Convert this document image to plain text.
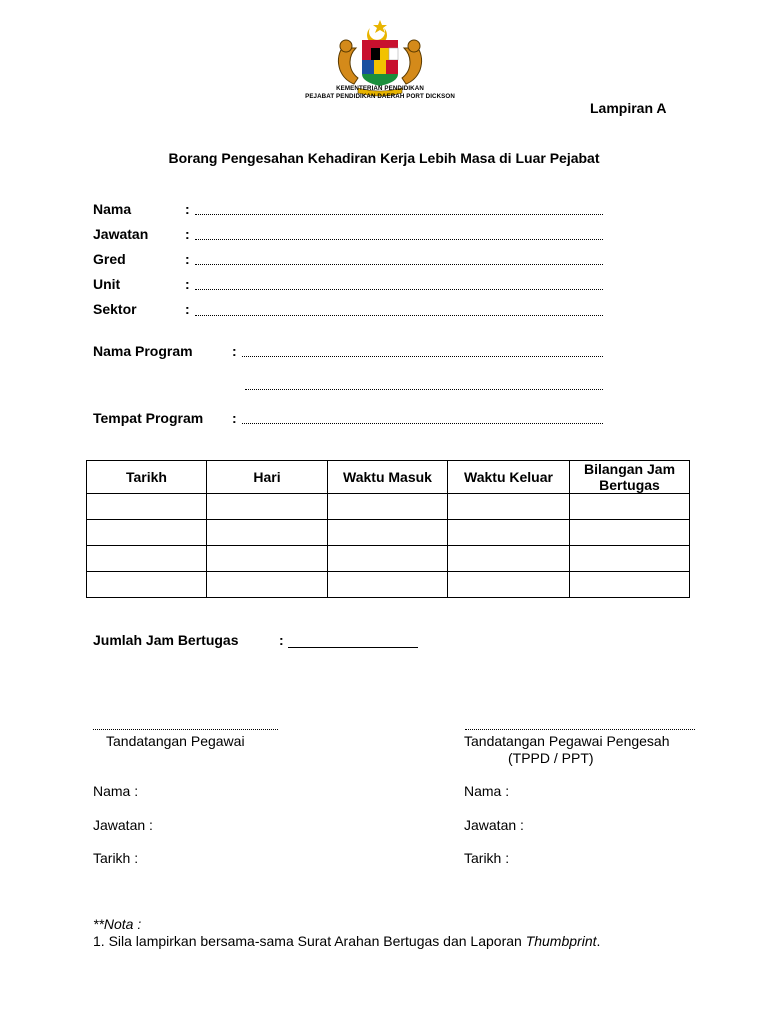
KEMENTERIAN PENDIDIKAN
PEJABAT PENDIDIKAN DAERAH PORT DICKSON
Lampiran A
Borang Pengesahan Kehadiran Kerja Lebih Masa di Luar Pejabat
Nama	:
Jawatan	:
Gred	:
Unit	:
Sektor	:
Nama Program	:
Tempat Program :
Tarikh	Hari	Waktu Masuk	Waktu Keluar	Bilangan Jam Bertugas

Jumlah Jam Bertugas	:
Tandatangan Pegawai	Tandatangan Pegawai Pengesah
(TPPD / PPT)
Nama :	Nama :
Jawatan :	Jawatan :
Tarikh :	Tarikh :
**Nota :
1. Sila lampirkan bersama-sama Surat Arahan Bertugas dan Laporan Thumbprint.
